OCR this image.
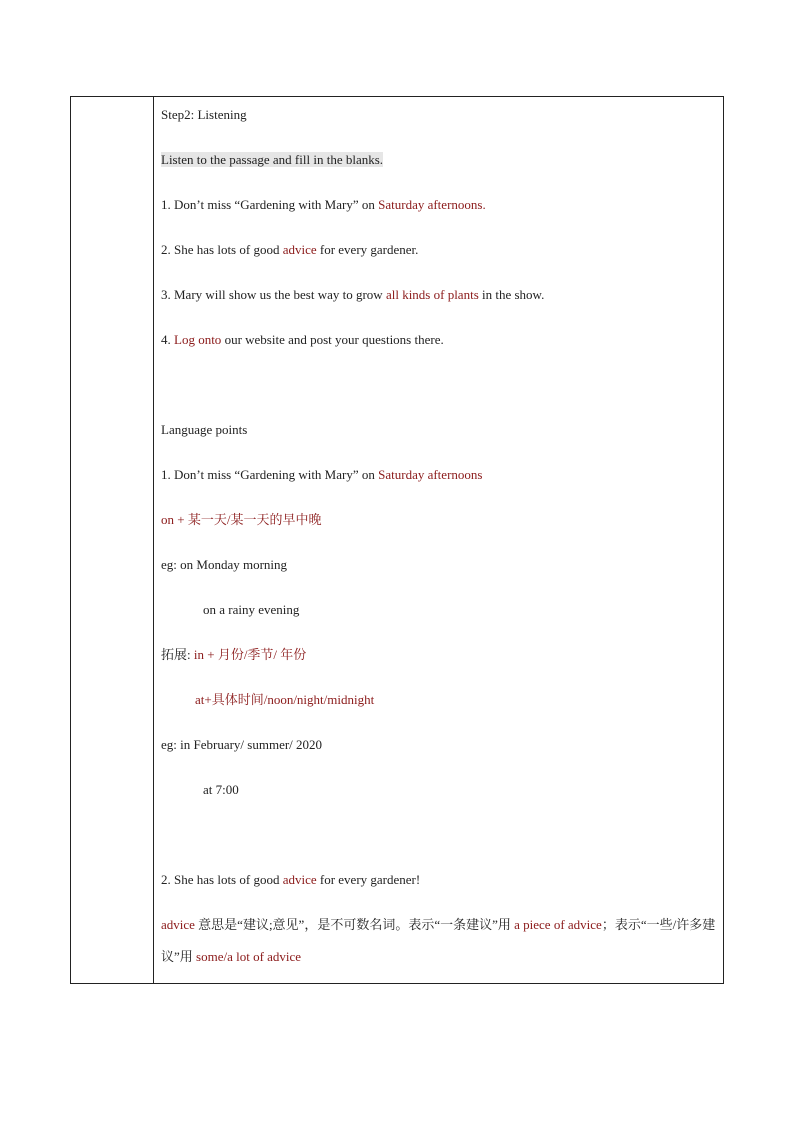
Step2: Listening
Listen to the passage and fill in the blanks.
1. Don’t miss “Gardening with Mary” on Saturday afternoons.
2. She has lots of good advice for every gardener.
3. Mary will show us the best way to grow all kinds of plants in the show.
4. Log onto our website and post your questions there.
Language points
1. Don’t miss “Gardening with Mary” on Saturday afternoons
on + 某一天/某一天的早中晚
eg: on Monday morning
on a rainy evening
拓展: in + 月份/季节/ 年份
at+具体时间/noon/night/midnight
eg: in February/ summer/ 2020
at 7:00
2. She has lots of good advice for every gardener!
advice 意思是“建议;意见”，是不可数名词。表示“一条建议”用 a piece of advice；表示“一些/许多建议”用 some/a lot of advice
